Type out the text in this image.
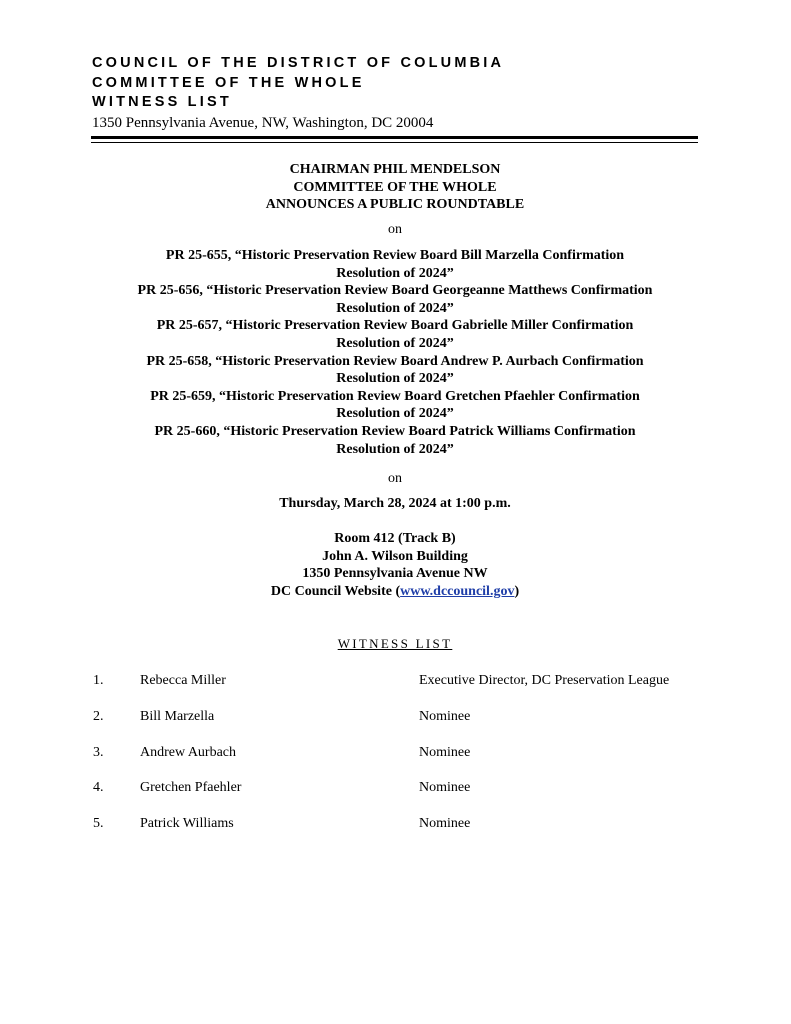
COUNCIL OF THE DISTRICT OF COLUMBIA
COMMITTEE OF THE WHOLE
WITNESS LIST
1350 Pennsylvania Avenue, NW, Washington, DC 20004
CHAIRMAN PHIL MENDELSON
COMMITTEE OF THE WHOLE
ANNOUNCES A PUBLIC ROUNDTABLE
on
PR 25-655, “Historic Preservation Review Board Bill Marzella Confirmation
Resolution of 2024”
PR 25-656, “Historic Preservation Review Board Georgeanne Matthews Confirmation
Resolution of 2024”
PR 25-657, “Historic Preservation Review Board Gabrielle Miller Confirmation
Resolution of 2024”
PR 25-658, “Historic Preservation Review Board Andrew P. Aurbach Confirmation
Resolution of 2024”
PR 25-659, “Historic Preservation Review Board Gretchen Pfaehler Confirmation
Resolution of 2024”
PR 25-660, “Historic Preservation Review Board Patrick Williams Confirmation
Resolution of 2024”
on
Thursday, March 28, 2024 at 1:00 p.m.
Room 412 (Track B)
John A. Wilson Building
1350 Pennsylvania Avenue NW
DC Council Website (www.dccouncil.gov)
WITNESS LIST
1.	Rebecca Miller	Executive Director, DC Preservation League
2.	Bill Marzella	Nominee
3.	Andrew Aurbach	Nominee
4.	Gretchen Pfaehler	Nominee
5.	Patrick Williams	Nominee
